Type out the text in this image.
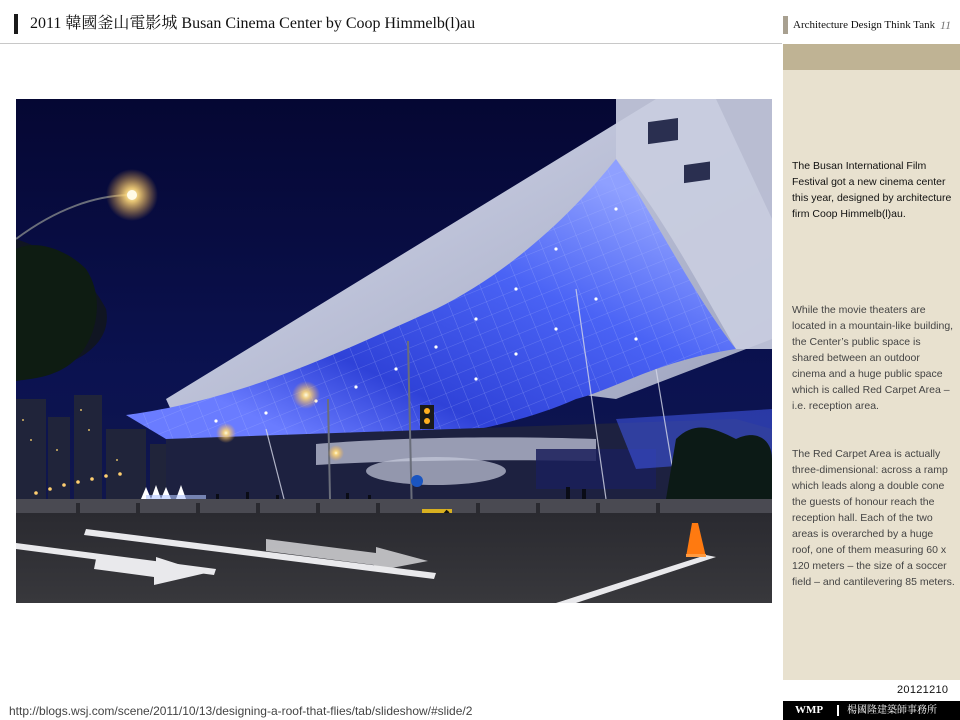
2011 韓國釜山電影城 Busan Cinema Center by Coop Himmelb(l)au	Architecture Design Think Tank 11

The Busan International Film Festival got a new cinema center this year, designed by architecture firm Coop Himmelb(l)au.

While the movie theaters are located in a mountain-like building, the Center’s public space is shared between an outdoor cinema and a huge public space which is called Red Carpet Area – i.e. reception area.

The Red Carpet Area is actually three-dimensional: across a ramp which leads along a double cone the guests of honour reach the reception hall. Each of the two areas is overarched by a huge roof, one of them measuring 60 x 120 meters – the size of a soccer field – and cantilevering 85 meters.

20121210
http://blogs.wsj.com/scene/2011/10/13/designing-a-roof-that-flies/tab/slideshow/#slide/2	WMP 楊國隆建築師事務所
